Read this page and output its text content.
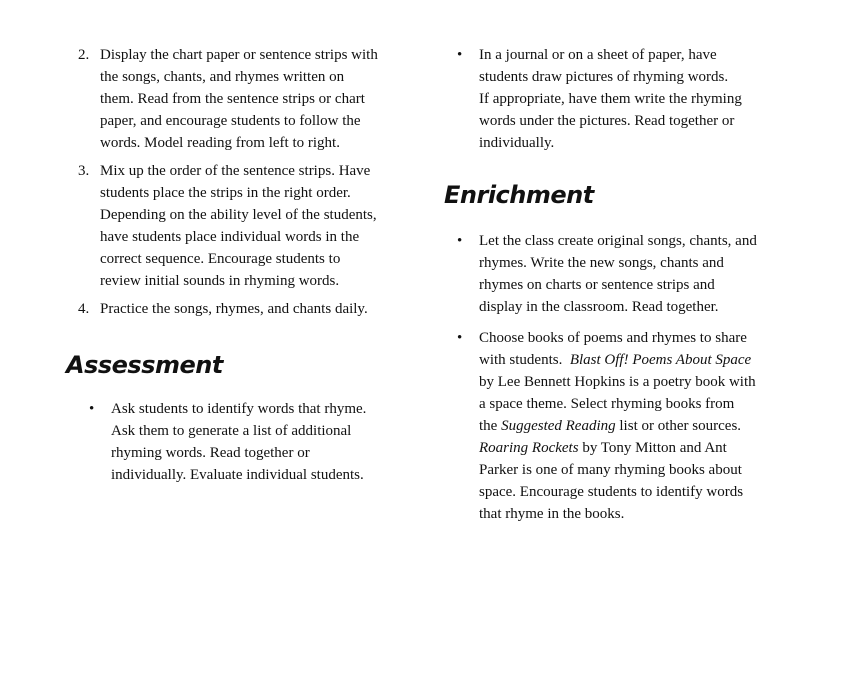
2. Display the chart paper or sentence strips with
the songs, chants, and rhymes written on
them. Read from the sentence strips or chart
paper, and encourage students to follow the
words. Model reading from left to right.
3. Mix up the order of the sentence strips. Have
students place the strips in the right order.
Depending on the ability level of the students,
have students place individual words in the
correct sequence. Encourage students to
review initial sounds in rhyming words.
4. Practice the songs, rhymes, and chants daily.
Assessment
• Ask students to identify words that rhyme.
Ask them to generate a list of additional
rhyming words. Read together or
individually. Evaluate individual students.
• In a journal or on a sheet of paper, have
students draw pictures of rhyming words.
If appropriate, have them write the rhyming
words under the pictures. Read together or
individually.
Enrichment
• Let the class create original songs, chants, and
rhymes. Write the new songs, chants and
rhymes on charts or sentence strips and
display in the classroom. Read together.
• Choose books of poems and rhymes to share
with students.  Blast Off! Poems About Space
by Lee Bennett Hopkins is a poetry book with
a space theme. Select rhyming books from
the Suggested Reading list or other sources.
Roaring Rockets by Tony Mitton and Ant
Parker is one of many rhyming books about
space. Encourage students to identify words
that rhyme in the books.
